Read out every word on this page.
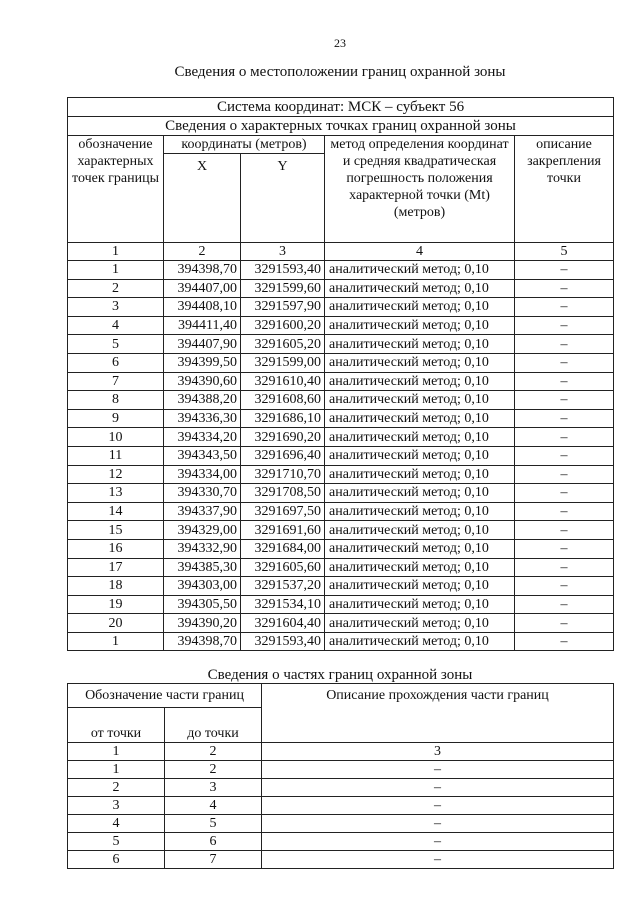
23
Сведения о местоположении границ охранной зоны
Система координат: МСК – субъект 56				
Сведения о характерных точках границ охранной зоны				
обозначение характерных точек границы	координаты (метров)		метод определения координат и средняя квадратическая погрешность положения характерной точки (Мt) (метров)	описание закрепления точки
	X	Y		
1	2	3	4	5
1	394398,70	3291593,40	аналитический метод; 0,10	–
2	394407,00	3291599,60	аналитический метод; 0,10	–
3	394408,10	3291597,90	аналитический метод; 0,10	–
4	394411,40	3291600,20	аналитический метод; 0,10	–
5	394407,90	3291605,20	аналитический метод; 0,10	–
6	394399,50	3291599,00	аналитический метод; 0,10	–
7	394390,60	3291610,40	аналитический метод; 0,10	–
8	394388,20	3291608,60	аналитический метод; 0,10	–
9	394336,30	3291686,10	аналитический метод; 0,10	–
10	394334,20	3291690,20	аналитический метод; 0,10	–
11	394343,50	3291696,40	аналитический метод; 0,10	–
12	394334,00	3291710,70	аналитический метод; 0,10	–
13	394330,70	3291708,50	аналитический метод; 0,10	–
14	394337,90	3291697,50	аналитический метод; 0,10	–
15	394329,00	3291691,60	аналитический метод; 0,10	–
16	394332,90	3291684,00	аналитический метод; 0,10	–
17	394385,30	3291605,60	аналитический метод; 0,10	–
18	394303,00	3291537,20	аналитический метод; 0,10	–
19	394305,50	3291534,10	аналитический метод; 0,10	–
20	394390,20	3291604,40	аналитический метод; 0,10	–
1	394398,70	3291593,40	аналитический метод; 0,10	–
Сведения о частях границ охранной зоны
Обозначение части границ		Описание прохождения части границ
от точки	до точки	
1	2	3
1	2	–
2	3	–
3	4	–
4	5	–
5	6	–
6	7	–
